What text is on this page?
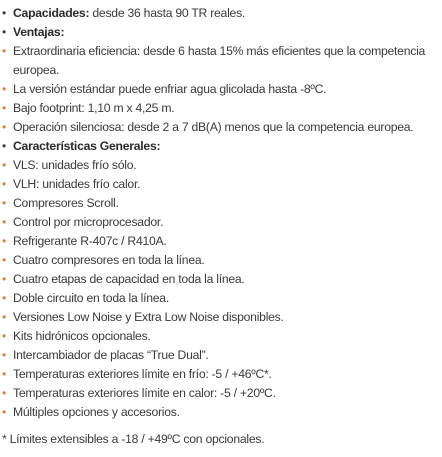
• Capacidades: desde 36 hasta 90 TR reales.
• Ventajas:
• Extraordinaria eficiencia: desde 6 hasta 15% más eficientes que la competencia europea.
• La versión estándar puede enfriar agua glicolada hasta -8ºC.
• Bajo footprint: 1,10 m x 4,25 m.
• Operación silenciosa: desde 2 a 7 dB(A) menos que la competencia europea.
• Características Generales:
• VLS: unidades frío sólo.
• VLH: unidades frío calor.
• Compresores Scroll.
• Control por microprocesador.
• Refrigerante R-407c / R410A.
• Cuatro compresores en toda la línea.
• Cuatro etapas de capacidad en toda la línea.
• Doble circuito en toda la línea.
• Versiones Low Noise y Extra Low Noise disponibles.
• Kits hidrónicos opcionales.
• Intercambiador de placas “True Dual”.
• Temperaturas exteriores límite en frío: -5 / +46ºC*.
• Temperaturas exteriores límite en calor: -5 / +20ºC.
• Múltiples opciones y accesorios.
* Límites extensibles a -18 / +49ºC con opcionales.
